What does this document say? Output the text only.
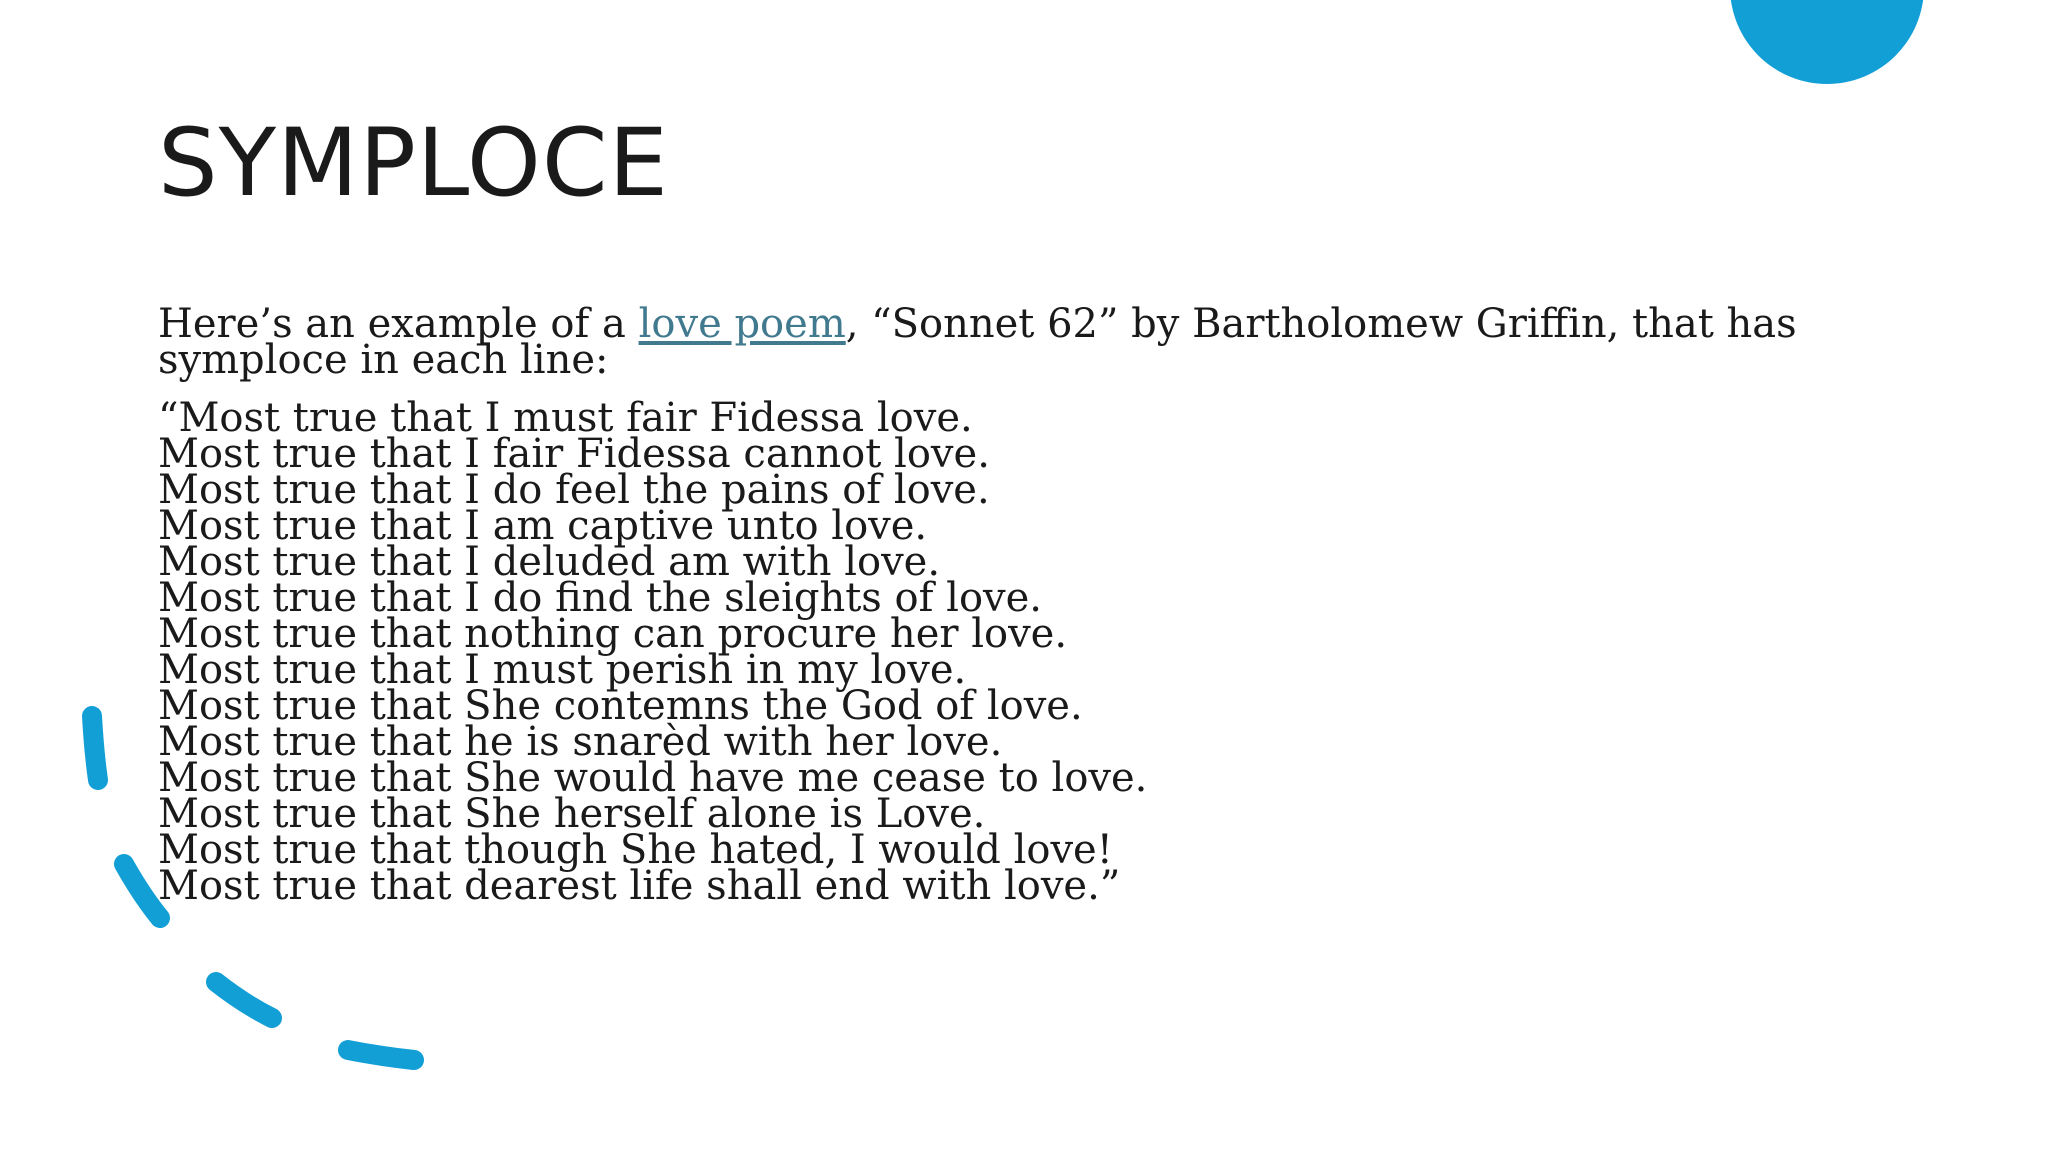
SYMPLOCE

Here’s an example of a love poem, “Sonnet 62” by Bartholomew Griffin, that has symploce in each line:

“Most true that I must fair Fidessa love.
Most true that I fair Fidessa cannot love.
Most true that I do feel the pains of love.
Most true that I am captive unto love.
Most true that I deluded am with love.
Most true that I do find the sleights of love.
Most true that nothing can procure her love.
Most true that I must perish in my love.
Most true that She contemns the God of love.
Most true that he is snarèd with her love.
Most true that She would have me cease to love.
Most true that She herself alone is Love.
Most true that though She hated, I would love!
Most true that dearest life shall end with love.”
